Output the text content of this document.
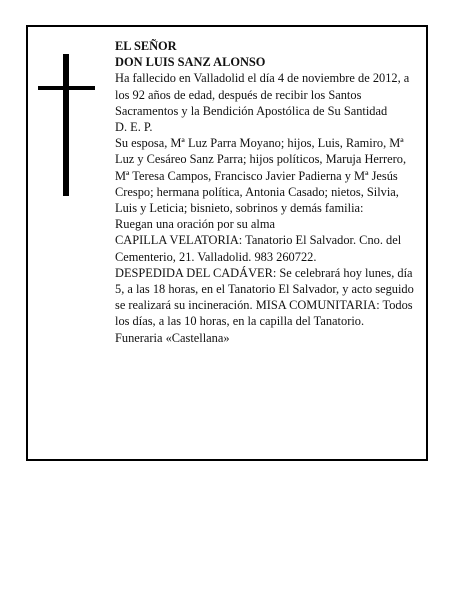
EL SEÑOR

DON LUIS SANZ ALONSO

Ha fallecido en Valladolid el día 4 de noviembre de 2012, a los 92 años de edad, después de recibir los Santos Sacramentos y la Bendición Apostólica de Su Santidad

D. E. P.

Su esposa, Mª Luz Parra Moyano; hijos, Luis, Ramiro, Mª Luz y Cesáreo Sanz Parra; hijos políticos, Maruja Herrero, Mª Teresa Campos, Francisco Javier Padierna y Mª Jesús Crespo; hermana política, Antonia Casado; nietos, Silvia, Luis y Leticia; bisnieto, sobrinos y demás familia:

Ruegan una oración por su alma

CAPILLA VELATORIA: Tanatorio El Salvador. Cno. del Cementerio, 21. Valladolid. 983 260722.

DESPEDIDA DEL CADÁVER: Se celebrará hoy lunes, día 5, a las 18 horas, en el Tanatorio El Salvador, y acto seguido se realizará su incineración. MISA COMUNITARIA: Todos los días, a las 10 horas, en la capilla del Tanatorio.

Funeraria «Castellana»
